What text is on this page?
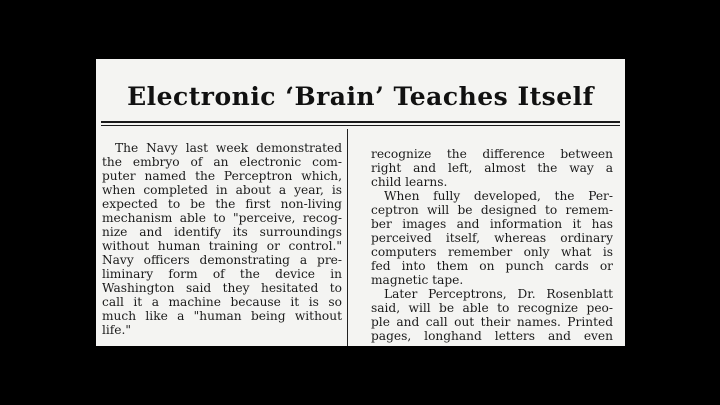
Electronic ‘Brain’ Teaches Itself
The Navy last week demonstrated
the embryo of an electronic com-
puter named the Perceptron which,
when completed in about a year, is
expected to be the first non-living
mechanism able to "perceive, recog-
nize and identify its surroundings
without human training or control."
Navy officers demonstrating a pre-
liminary form of the device in
Washington said they hesitated to
call it a machine because it is so
much like a "human being without
life."
recognize the difference between
right and left, almost the way a
child learns.
When fully developed, the Per-
ceptron will be designed to remem-
ber images and information it has
perceived itself, whereas ordinary
computers remember only what is
fed into them on punch cards or
magnetic tape.
Later Perceptrons, Dr. Rosenblatt
said, will be able to recognize peo-
ple and call out their names. Printed
pages, longhand letters and even
